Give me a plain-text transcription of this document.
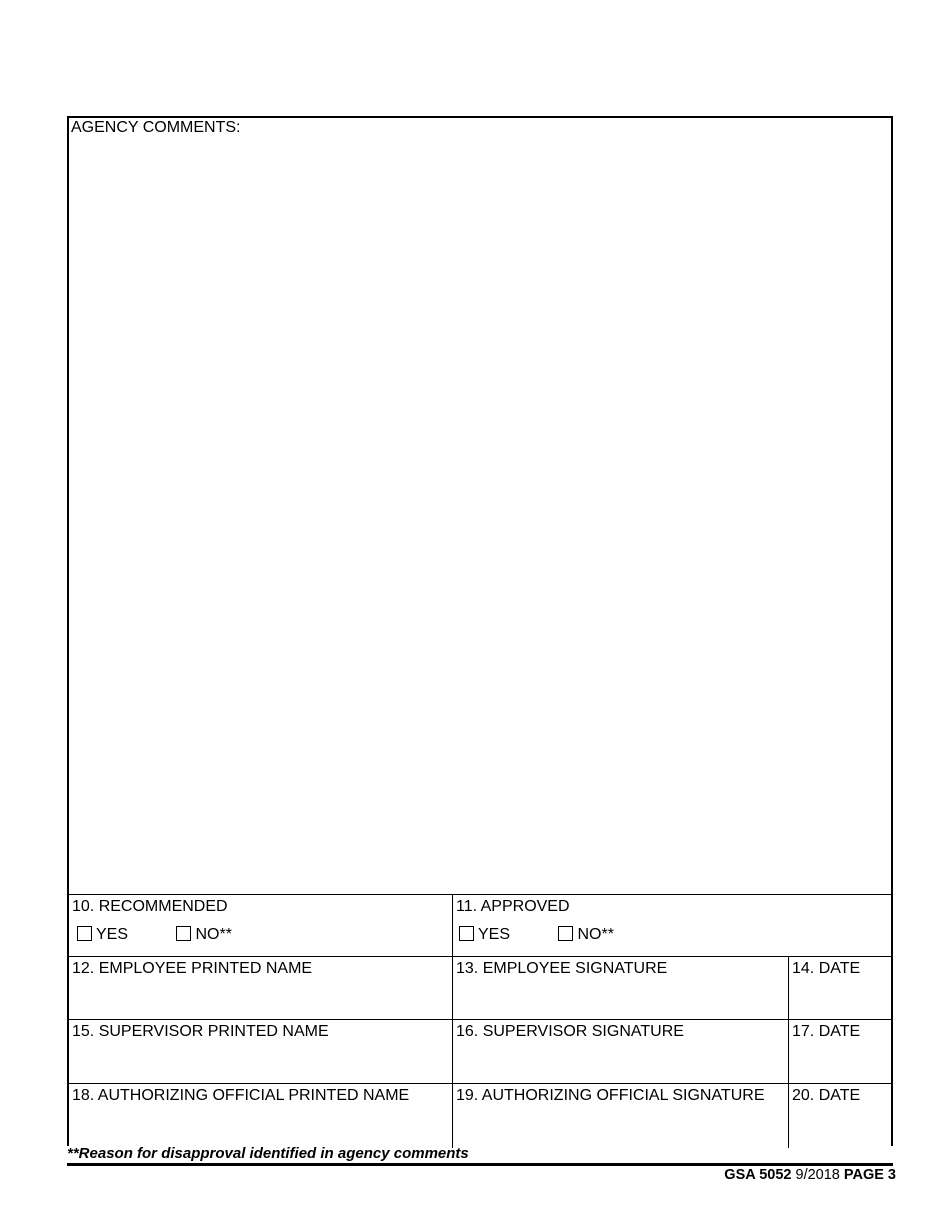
AGENCY COMMENTS:
10. RECOMMENDED
YES	NO**
11. APPROVED
YES	NO**
12. EMPLOYEE PRINTED NAME	13. EMPLOYEE SIGNATURE	14. DATE
15. SUPERVISOR PRINTED NAME	16. SUPERVISOR SIGNATURE	17. DATE
18. AUTHORIZING OFFICIAL PRINTED NAME	19. AUTHORIZING OFFICIAL SIGNATURE 20. DATE
**Reason for disapproval identified in agency comments
GSA 5052 9/2018 PAGE 3
